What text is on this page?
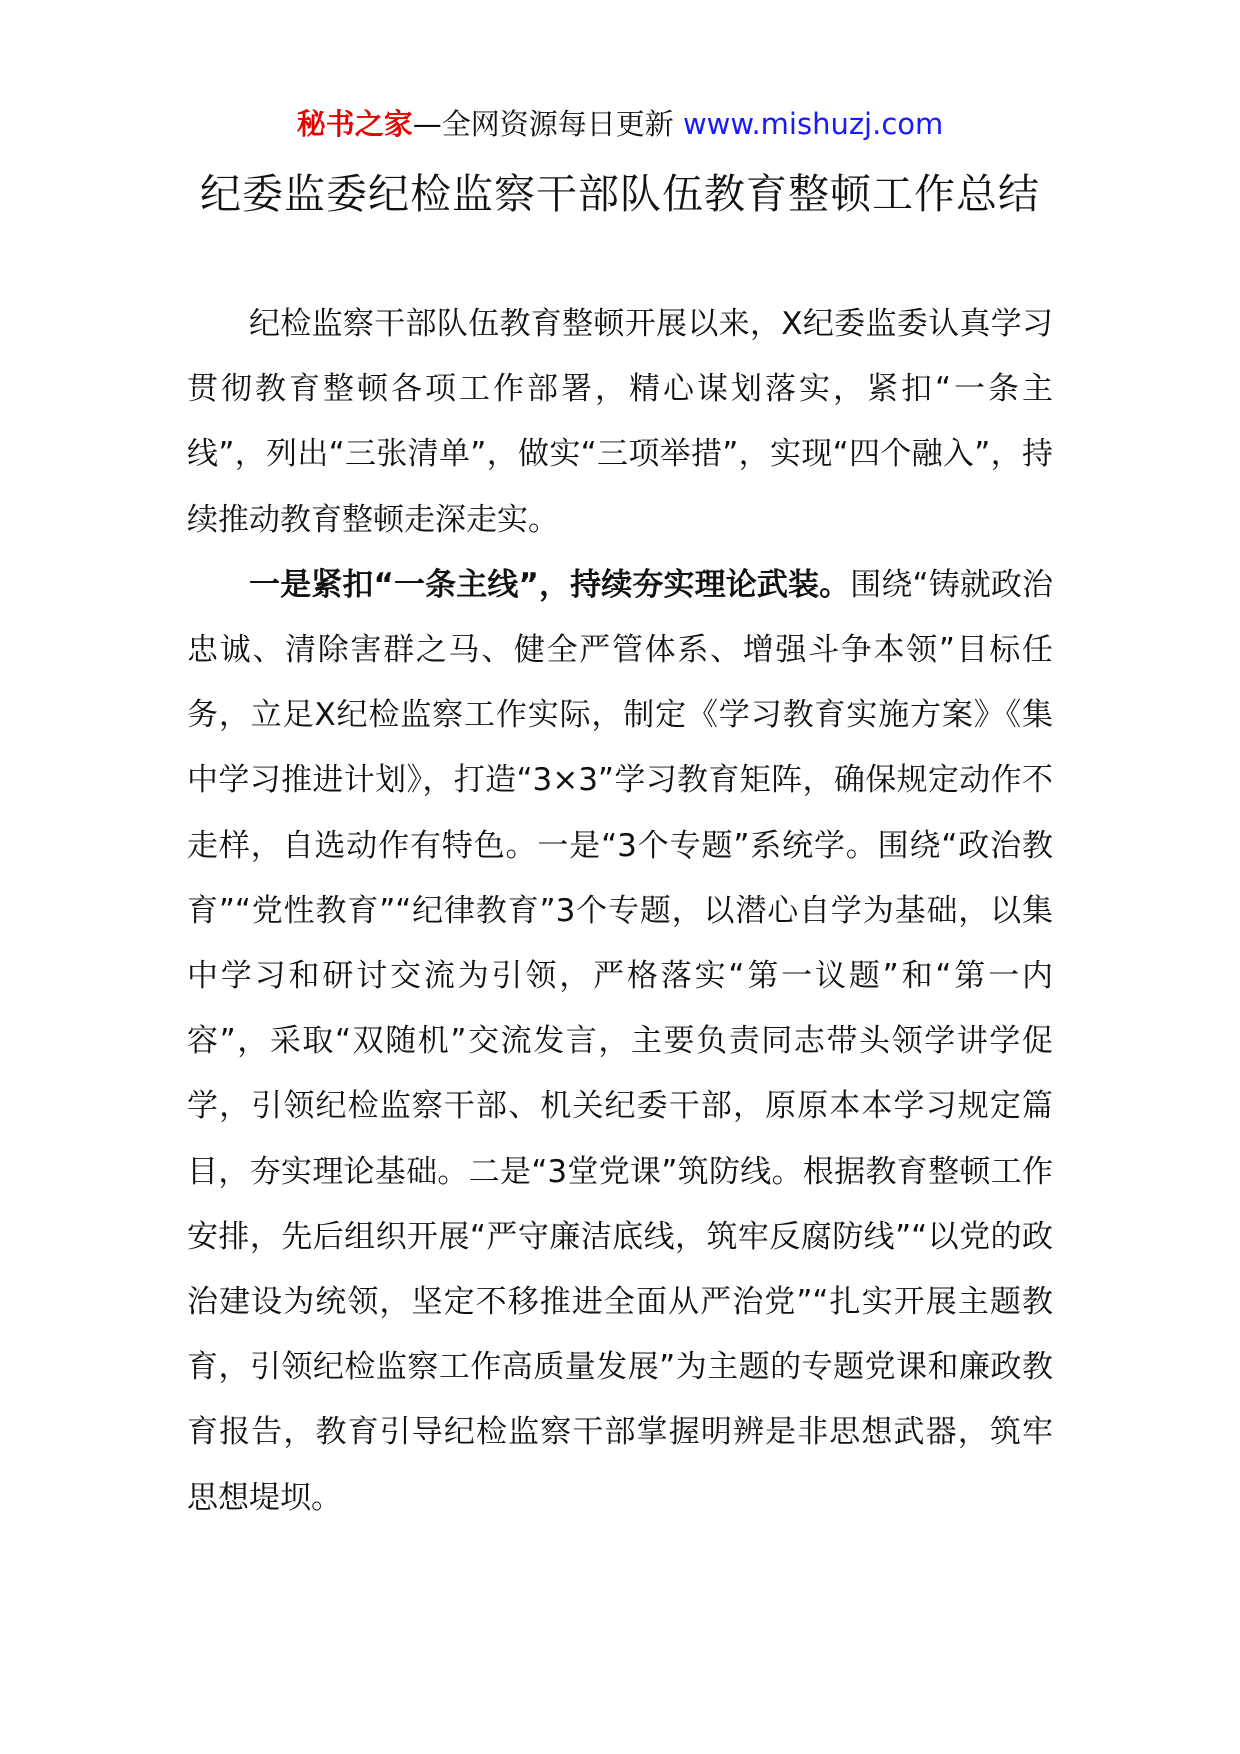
秘书之家—全网资源每日更新 www.mishuzj.com
纪委监委纪检监察干部队伍教育整顿工作总结

纪检监察干部队伍教育整顿开展以来，X纪委监委认真学习贯彻教育整顿各项工作部署，精心谋划落实，紧扣“一条主线”，列出“三张清单”，做实“三项举措”，实现“四个融入”，持续推动教育整顿走深走实。

一是紧扣“一条主线”，持续夯实理论武装。围绕“铸就政治忠诚、清除害群之马、健全严管体系、增强斗争本领”目标任务，立足X纪检监察工作实际，制定《学习教育实施方案》《集中学习推进计划》，打造“3×3”学习教育矩阵，确保规定动作不走样，自选动作有特色。一是“3个专题”系统学。围绕“政治教育”“党性教育”“纪律教育”3个专题，以潜心自学为基础，以集中学习和研讨交流为引领，严格落实“第一议题”和“第一内容”，采取“双随机”交流发言，主要负责同志带头领学讲学促学，引领纪检监察干部、机关纪委干部，原原本本学习规定篇目，夯实理论基础。二是“3堂党课”筑防线。根据教育整顿工作安排，先后组织开展“严守廉洁底线，筑牢反腐防线”“以党的政治建设为统领，坚定不移推进全面从严治党”“扎实开展主题教育，引领纪检监察工作高质量发展”为主题的专题党课和廉政教育报告，教育引导纪检监察干部掌握明辨是非思想武器，筑牢思想堤坝。
